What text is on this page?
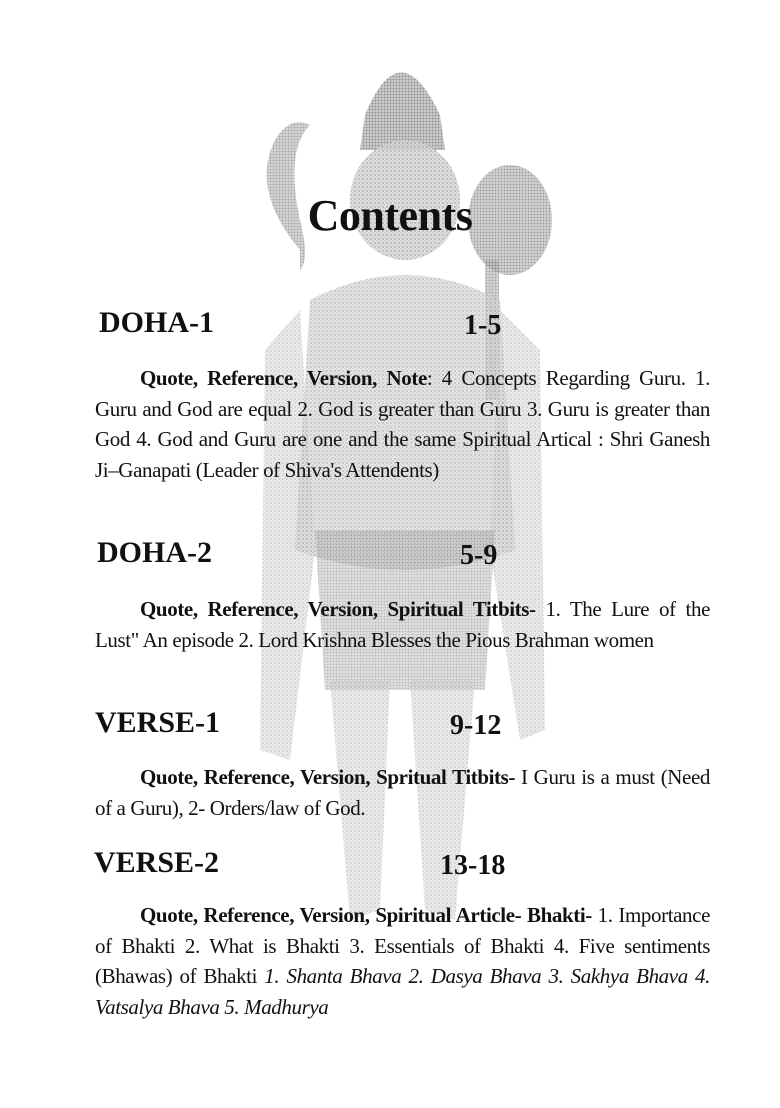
Contents
DOHA-1	1-5

Quote, Reference, Version, Note: 4 Concepts Regarding Guru. 1. Guru and God are equal 2. God is greater than Guru 3. Guru is greater than God 4. God and Guru are one and the same Spiritual Artical : Shri Ganesh Ji–Ganapati (Leader of Shiva's Attendents)

DOHA-2	5-9

Quote, Reference, Version, Spiritual Titbits- 1. The Lure of the Lust" An episode 2. Lord Krishna Blesses the Pious Brahman women

VERSE-1	9-12

Quote, Reference, Version, Spritual Titbits- I Guru is a must (Need of a Guru), 2- Orders/law of God.

VERSE-2	13-18

Quote, Reference, Version, Spiritual Article- Bhakti- 1. Importance of Bhakti 2. What is Bhakti 3. Essentials of Bhakti 4. Five sentiments (Bhawas) of Bhakti 1. Shanta Bhava 2. Dasya Bhava 3. Sakhya Bhava 4. Vatsalya Bhava 5. Madhurya
